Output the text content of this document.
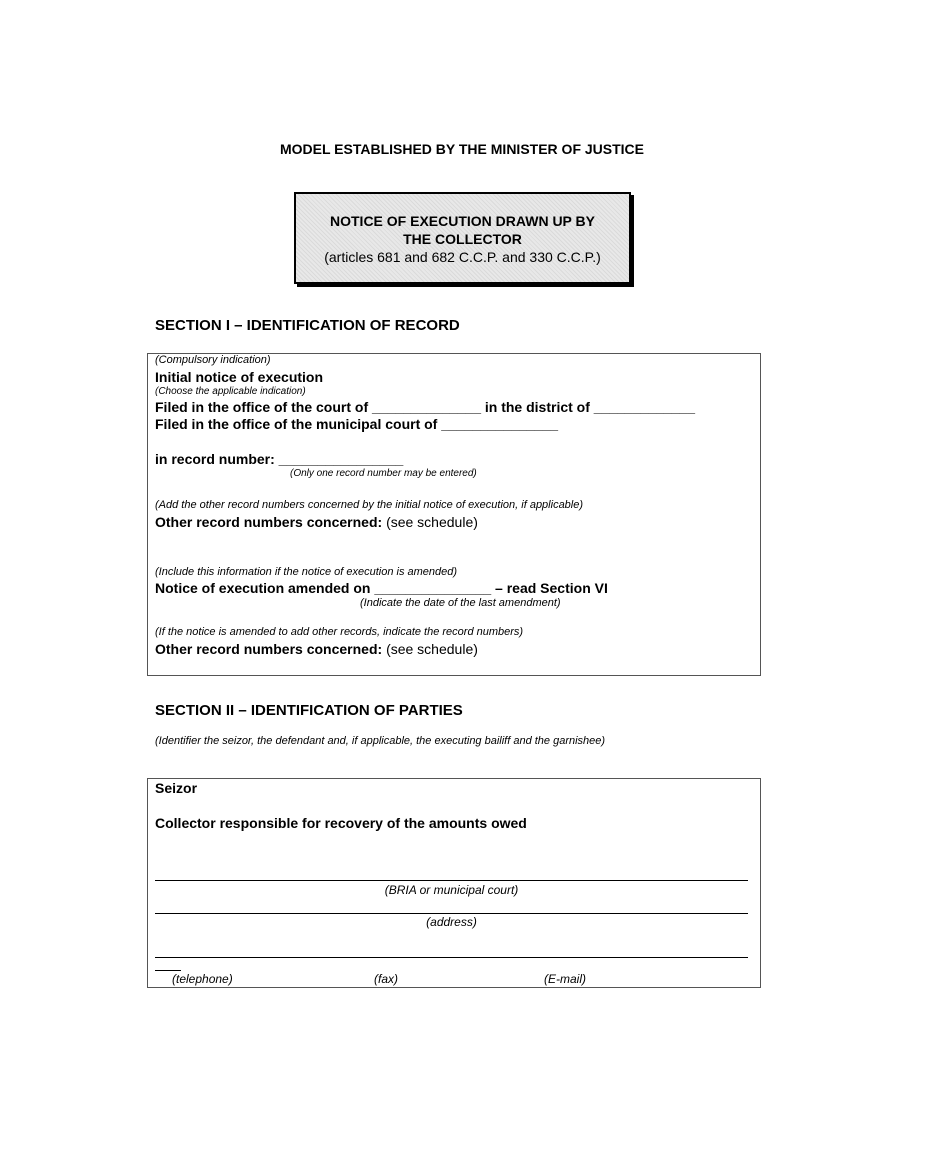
MODEL ESTABLISHED BY THE MINISTER OF JUSTICE
NOTICE OF EXECUTION DRAWN UP BY
THE COLLECTOR
(articles 681 and 682 C.C.P. and 330 C.C.P.)
SECTION I – IDENTIFICATION OF RECORD
(Compulsory indication)
Initial notice of execution
(Choose the applicable indication)
Filed in the office of the court of ______________ in the district of _____________
Filed in the office of the municipal court of _______________
in record number: ________________
(Only one record number may be entered)
(Add the other record numbers concerned by the initial notice of execution, if applicable)
Other record numbers concerned: (see schedule)
(Include this information if the notice of execution is amended)
Notice of execution amended on _______________ – read Section VI
(Indicate the date of the last amendment)
(If the notice is amended to add other records, indicate the record numbers)
Other record numbers concerned: (see schedule)
SECTION II – IDENTIFICATION OF PARTIES
(Identifier the seizor, the defendant and, if applicable, the executing bailiff and the garnishee)
Seizor
Collector responsible for recovery of the amounts owed
(BRIA or municipal court)
(address)
(telephone)	(fax)	(E-mail)
